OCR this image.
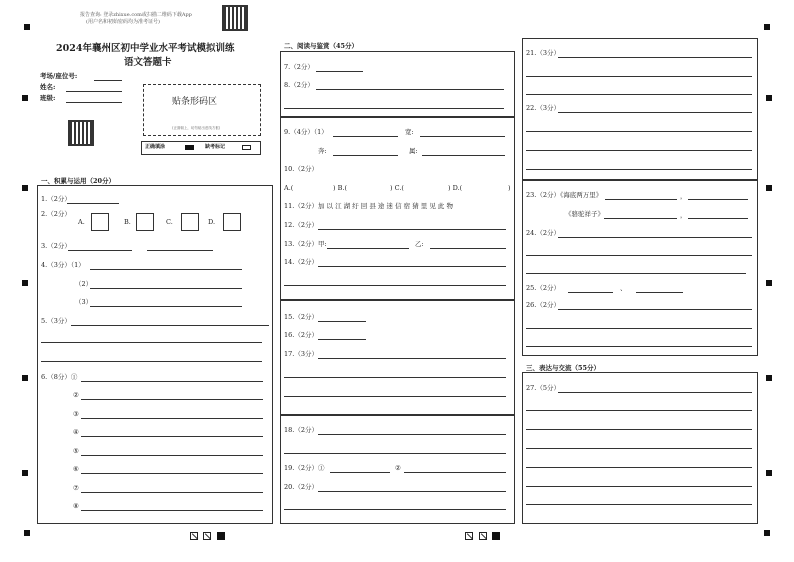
报告查询: 登录zhixue.com或扫描二维码下载App
(用户名和初始密码均为准考证号)
2024年襄州区初中学业水平考试模拟训练
语文答题卡
考场/座位号:
姓名:
班级:	贴条形码区
(正面朝上，切勿贴出虚线方框)
正确填涂	缺考标记
一、积累与运用（20分）
1.（2分）
2.（2分）
A.	B.	C.	D.
3.（2分）
4.（3分）（1）
（2）
（3）
5.（3分）
6.（8分）①
②
③
④
⑤
⑥
⑦
⑧
二、阅读与鉴赏（45分）
7.（2分）
8.（2分）
9.（4分）（1）	宽:
奔:	属:
10.（2分）
A.(	) B.(	) C.(	) D.(	)
11.（2分）加 以 江 湖 纡 回 县 途 迷 信 宿 猜 里 见 此 物
12.（2分）
13.（2分）甲:	乙:
14.（2分）
15.（2分）
16.（2分）
17.（3分）
18.（2分）
19.（2分）①	②
20.（2分）
21.（3分）
22.（3分）
23.（2分）《海底两万里》	，
《骆驼祥子》	，
24.（2分）
25.（2分）	、
26.（2分）
三、表达与交流（55分）
27.（5分）
